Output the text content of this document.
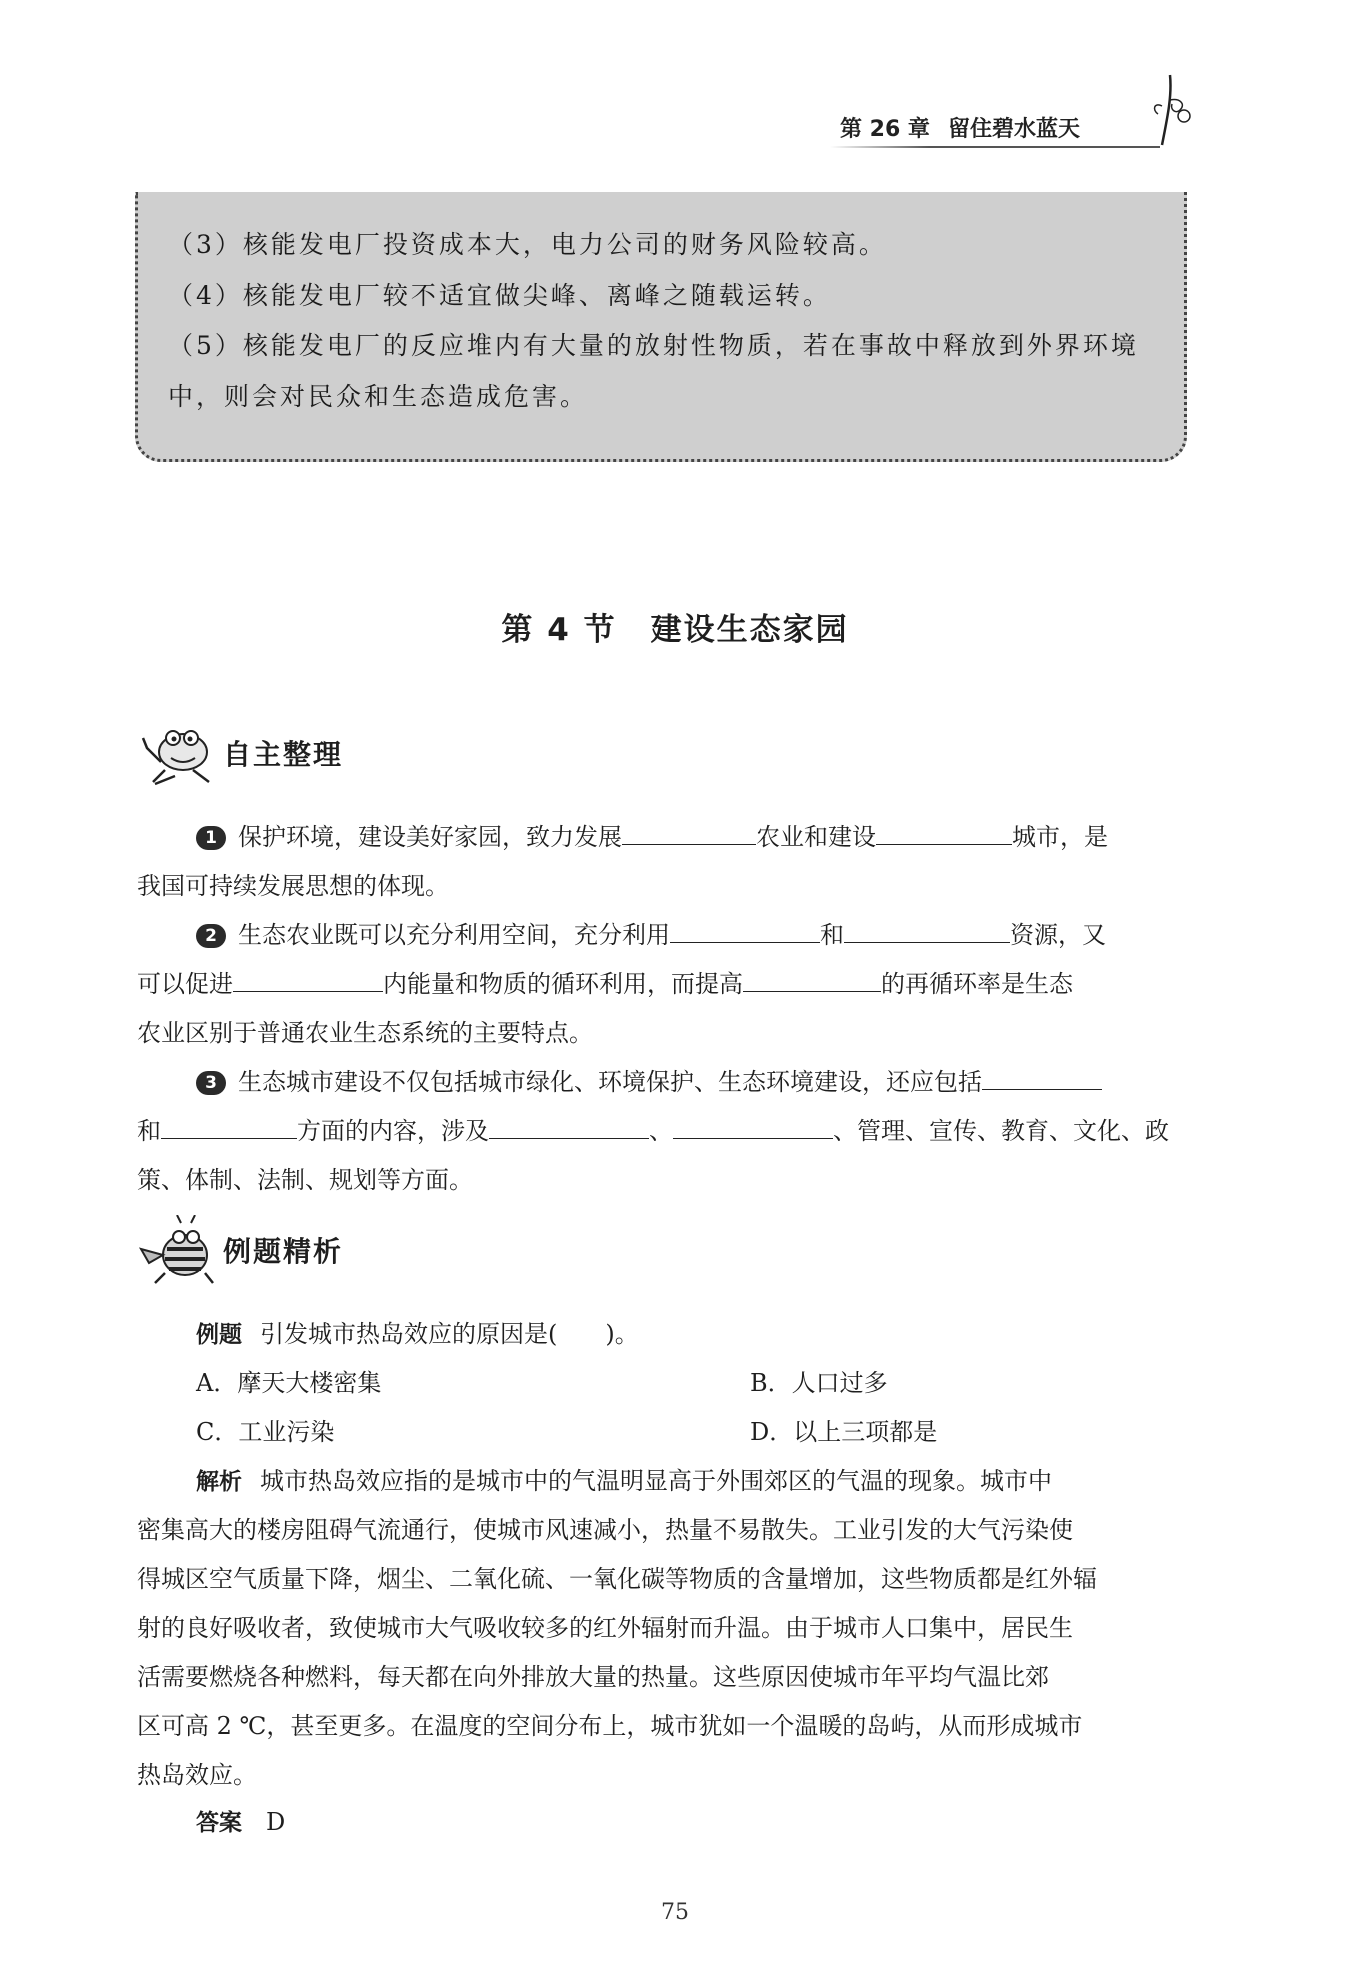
第 26 章 留住碧水蓝天
（3）核能发电厂投资成本大，电力公司的财务风险较高。
（4）核能发电厂较不适宜做尖峰、离峰之随载运转。
（5）核能发电厂的反应堆内有大量的放射性物质，若在事故中释放到外界环境
中，则会对民众和生态造成危害。
第 4 节 建设生态家园
自主整理
1 保护环境，建设美好家园，致力发展	农业和建设	城市，是
我国可持续发展思想的体现。
2 生态农业既可以充分利用空间，充分利用	和	资源，又
可以促进	内能量和物质的循环利用，而提高	的再循环率是生态
农业区别于普通农业生态系统的主要特点。
3 生态城市建设不仅包括城市绿化、环境保护、生态环境建设，还应包括
和	方面的内容，涉及	、	、管理、宣传、教育、文化、政
策、体制、法制、规划等方面。
例题精析
例题 引发城市热岛效应的原因是(　　)。
A．摩天大楼密集	B．人口过多
C．工业污染	D．以上三项都是
解析 城市热岛效应指的是城市中的气温明显高于外围郊区的气温的现象。城市中
密集高大的楼房阻碍气流通行，使城市风速减小，热量不易散失。工业引发的大气污染使
得城区空气质量下降，烟尘、二氧化硫、一氧化碳等物质的含量增加，这些物质都是红外辐
射的良好吸收者，致使城市大气吸收较多的红外辐射而升温。由于城市人口集中，居民生
活需要燃烧各种燃料，每天都在向外排放大量的热量。这些原因使城市年平均气温比郊
区可高 2 ℃，甚至更多。在温度的空间分布上，城市犹如一个温暖的岛屿，从而形成城市
热岛效应。
答案 D
75
